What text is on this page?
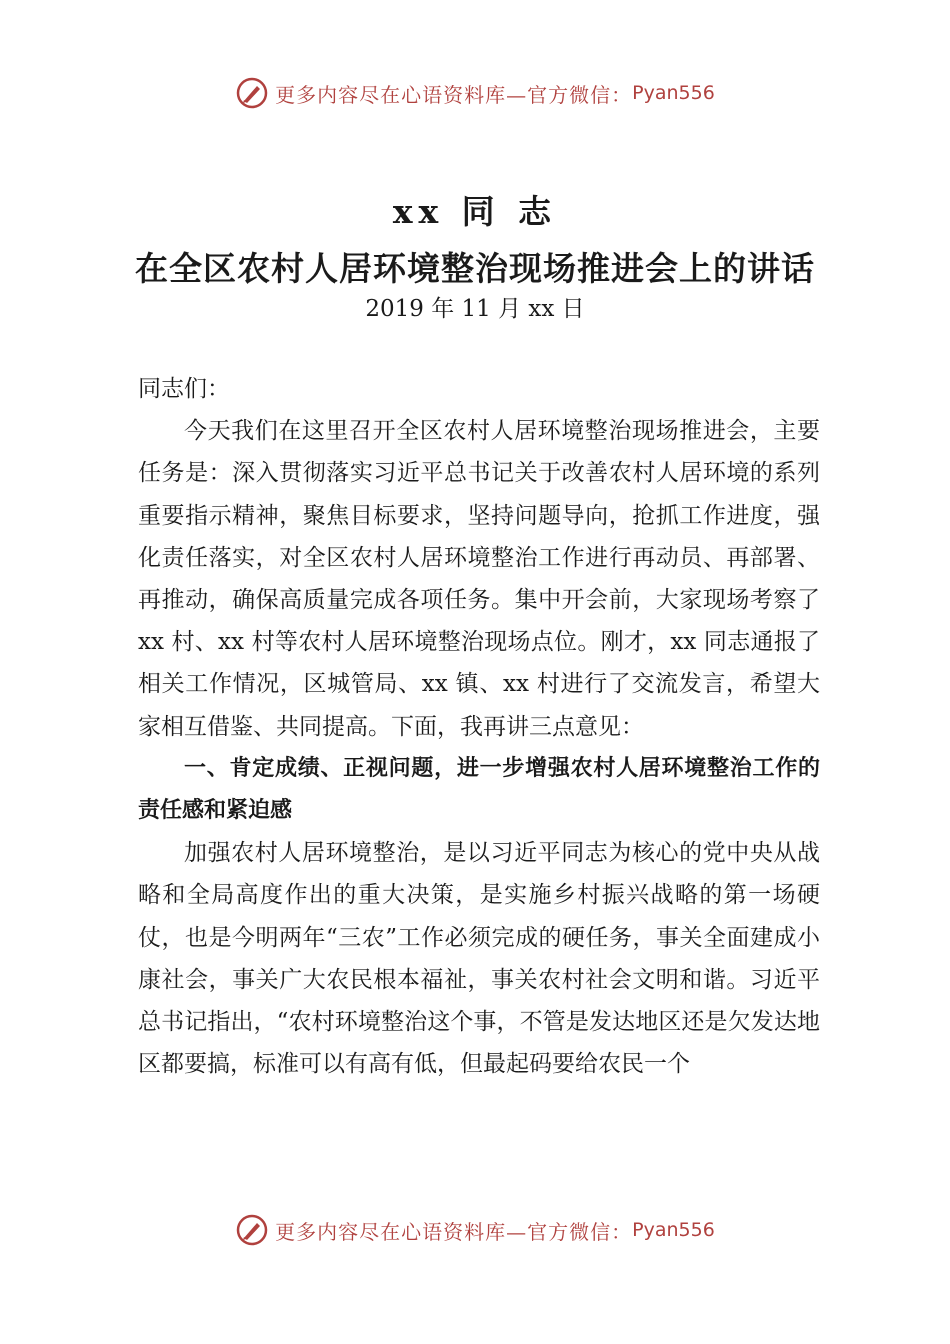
更多内容尽在心语资料库—官方微信： Pyan556
xx 同 志
在全区农村人居环境整治现场推进会上的讲话
2019 年 11 月 xx 日

同志们：

今天我们在这里召开全区农村人居环境整治现场推进会，主要任务是：深入贯彻落实习近平总书记关于改善农村人居环境的系列重要指示精神，聚焦目标要求，坚持问题导向，抢抓工作进度，强化责任落实，对全区农村人居环境整治工作进行再动员、再部署、再推动，确保高质量完成各项任务。集中开会前，大家现场考察了 xx 村、xx 村等农村人居环境整治现场点位。刚才，xx 同志通报了相关工作情况，区城管局、xx 镇、xx 村进行了交流发言，希望大家相互借鉴、共同提高。下面，我再讲三点意见：

一、肯定成绩、正视问题，进一步增强农村人居环境整治工作的责任感和紧迫感

加强农村人居环境整治，是以习近平同志为核心的党中央从战略和全局高度作出的重大决策，是实施乡村振兴战略的第一场硬仗，也是今明两年“三农”工作必须完成的硬任务，事关全面建成小康社会，事关广大农民根本福祉，事关农村社会文明和谐。习近平总书记指出，“农村环境整治这个事，不管是发达地区还是欠发达地区都要搞，标准可以有高有低，但最起码要给农民一个

更多内容尽在心语资料库—官方微信： Pyan556
